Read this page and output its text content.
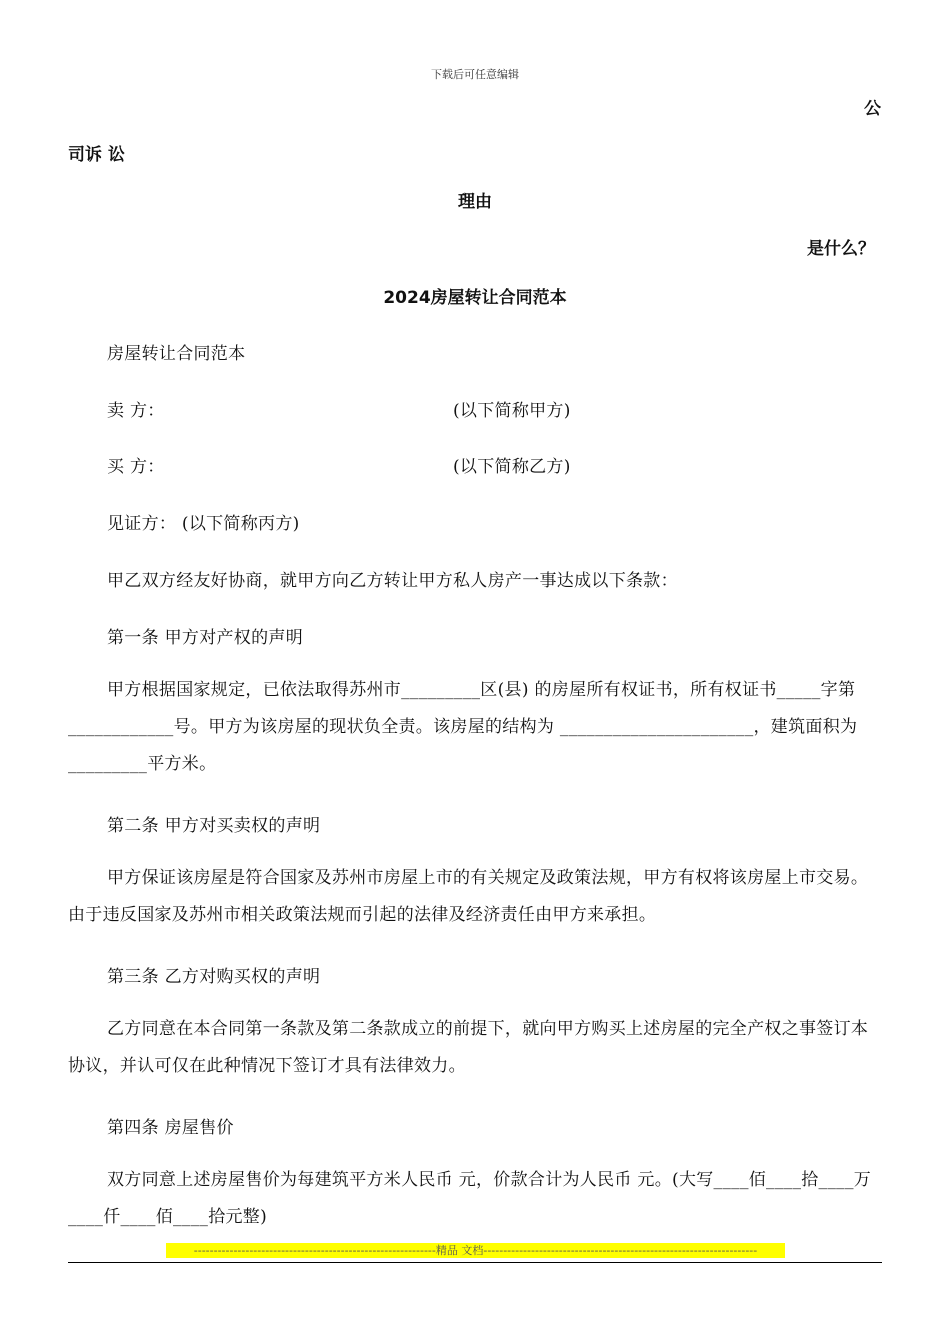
下载后可任意编辑
公
司诉 讼
理由
是什么？
2024房屋转让合同范本
房屋转让合同范本
卖 方：	(以下简称甲方)
买 方：	(以下简称乙方)
见证方： (以下简称丙方)
甲乙双方经友好协商，就甲方向乙方转让甲方私人房产一事达成以下条款：
第一条 甲方对产权的声明
甲方根据国家规定，已依法取得苏州市_________区(县) 的房屋所有权证书，所有权证书_____字第____________号。甲方为该房屋的现状负全责。该房屋的结构为 ______________________，建筑面积为_________平方米。
第二条 甲方对买卖权的声明
甲方保证该房屋是符合国家及苏州市房屋上市的有关规定及政策法规，甲方有权将该房屋上市交易。由于违反国家及苏州市相关政策法规而引起的法律及经济责任由甲方来承担。
第三条 乙方对购买权的声明
乙方同意在本合同第一条款及第二条款成立的前提下，就向甲方购买上述房屋的完全产权之事签订本协议，并认可仅在此种情况下签订才具有法律效力。
第四条 房屋售价
双方同意上述房屋售价为每建筑平方米人民币 元，价款合计为人民币 元。(大写____佰____拾____万____仟____佰____拾元整)
-------------------------------------------------------------精品 文档---------------------------------------------------------------------
